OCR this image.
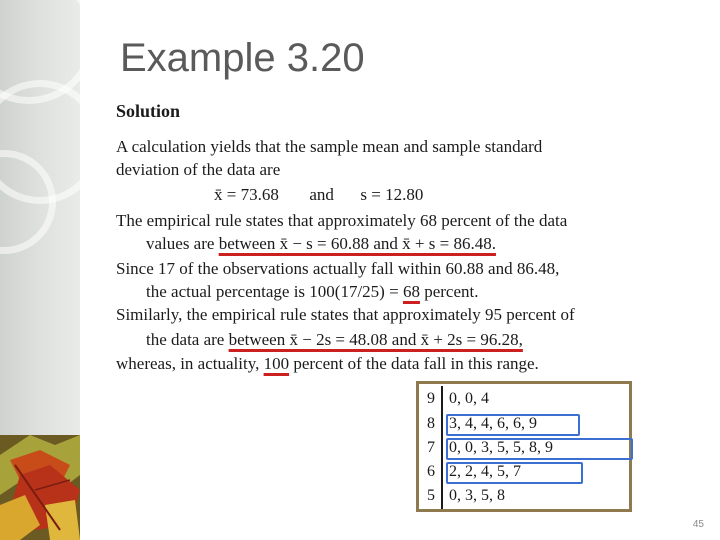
Example 3.20
Solution
A calculation yields that the sample mean and sample standard
deviation of the data are
x̄ = 73.68 and s = 12.80
The empirical rule states that approximately 68 percent of the data
values are between x̄ − s = 60.88 and x̄ + s = 86.48.
Since 17 of the observations actually fall within 60.88 and 86.48,
the actual percentage is 100(17/25) = 68 percent.
Similarly, the empirical rule states that approximately 95 percent of
the data are between x̄ − 2s = 48.08 and x̄ + 2s = 96.28,
whereas, in actuality, 100 percent of the data fall in this range.
9 0, 0, 4
8 3, 4, 4, 6, 6, 9
7 0, 0, 3, 5, 5, 8, 9
6 2, 2, 4, 5, 7
5 0, 3, 5, 8
45
